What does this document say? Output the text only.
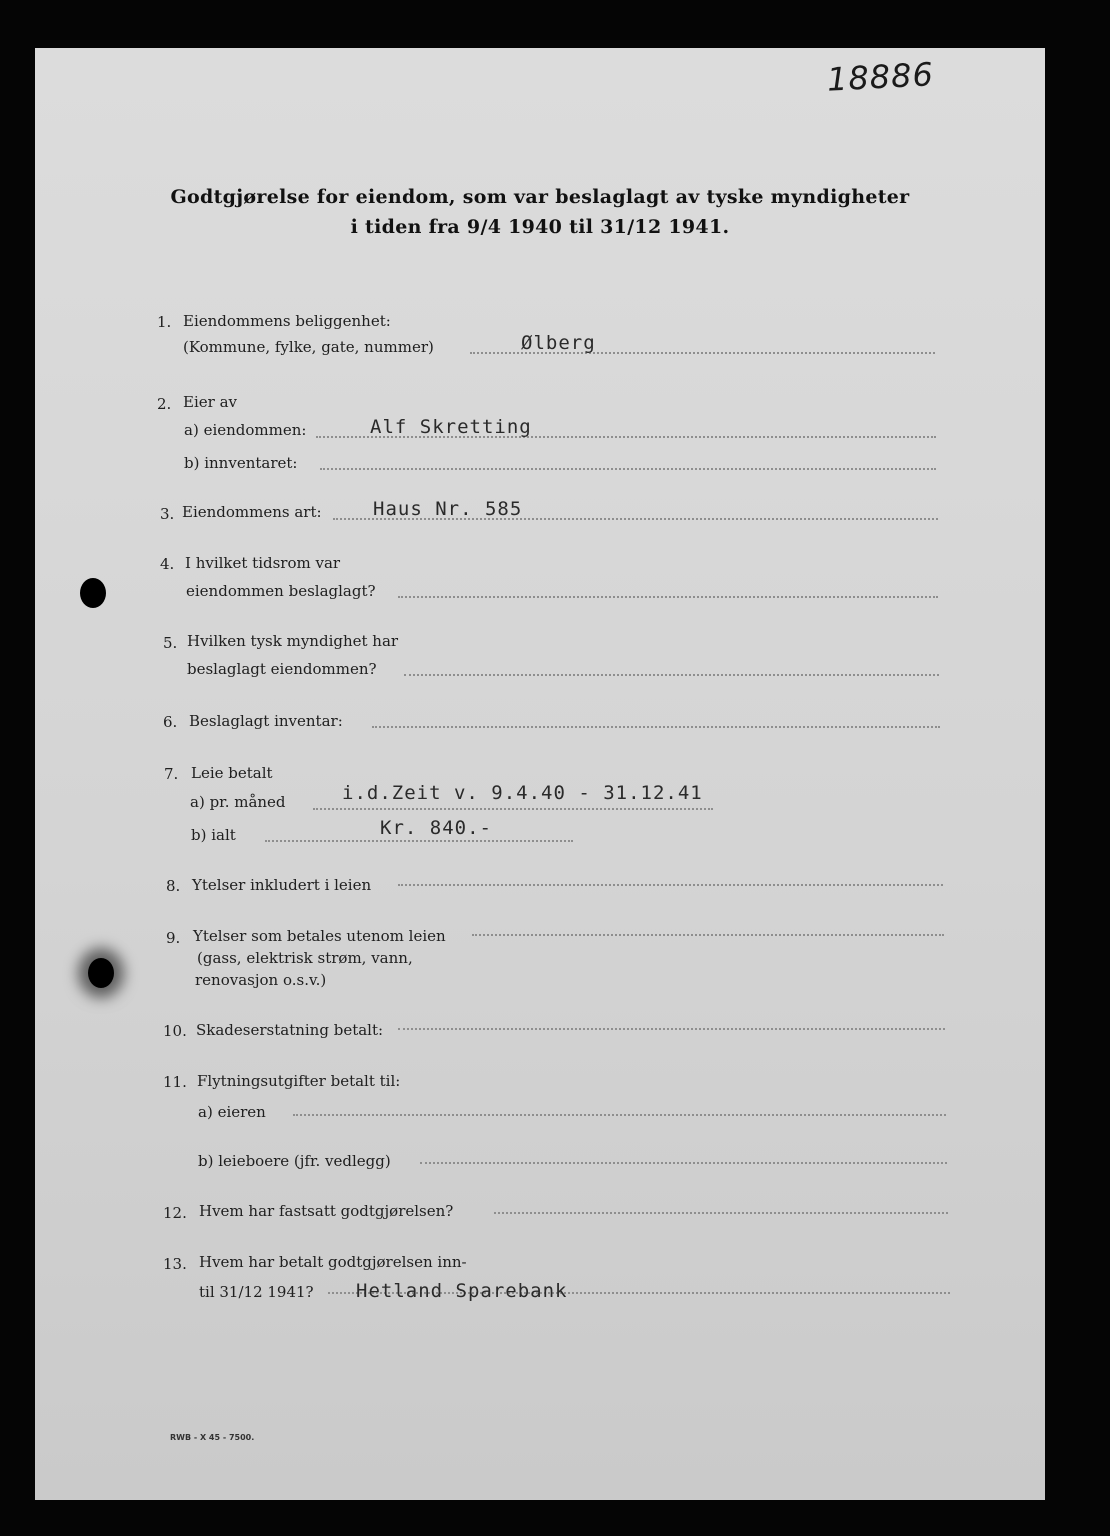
18886
Godtgjørelse for eiendom, som var beslaglagt av tyske myndigheter
i tiden fra 9/4 1940 til 31/12 1941.
1. Eiendommens beliggenhet:
(Kommune, fylke, gate, nummer)	Ølberg
2. Eier av
a) eiendommen:	Alf Skretting
b) innventaret:
3. Eiendommens art:	Haus Nr. 585
4. I hvilket tidsrom var
eiendommen beslaglagt?
5. Hvilken tysk myndighet har
beslaglagt eiendommen?
6. Beslaglagt inventar:
7. Leie betalt
a) pr. måned	i.d.Zeit v. 9.4.40 - 31.12.41
b) ialt	Kr. 840.-
8. Ytelser inkludert i leien
9. Ytelser som betales utenom leien
(gass, elektrisk strøm, vann,
renovasjon o.s.v.)
10. Skadeserstatning betalt:
11. Flytningsutgifter betalt til:
a) eieren
b) leieboere (jfr. vedlegg)
12. Hvem har fastsatt godtgjørelsen?
13. Hvem har betalt godtgjørelsen inn-
til 31/12 1941? Hetland Sparebank
RWB - X 45 - 7500.
